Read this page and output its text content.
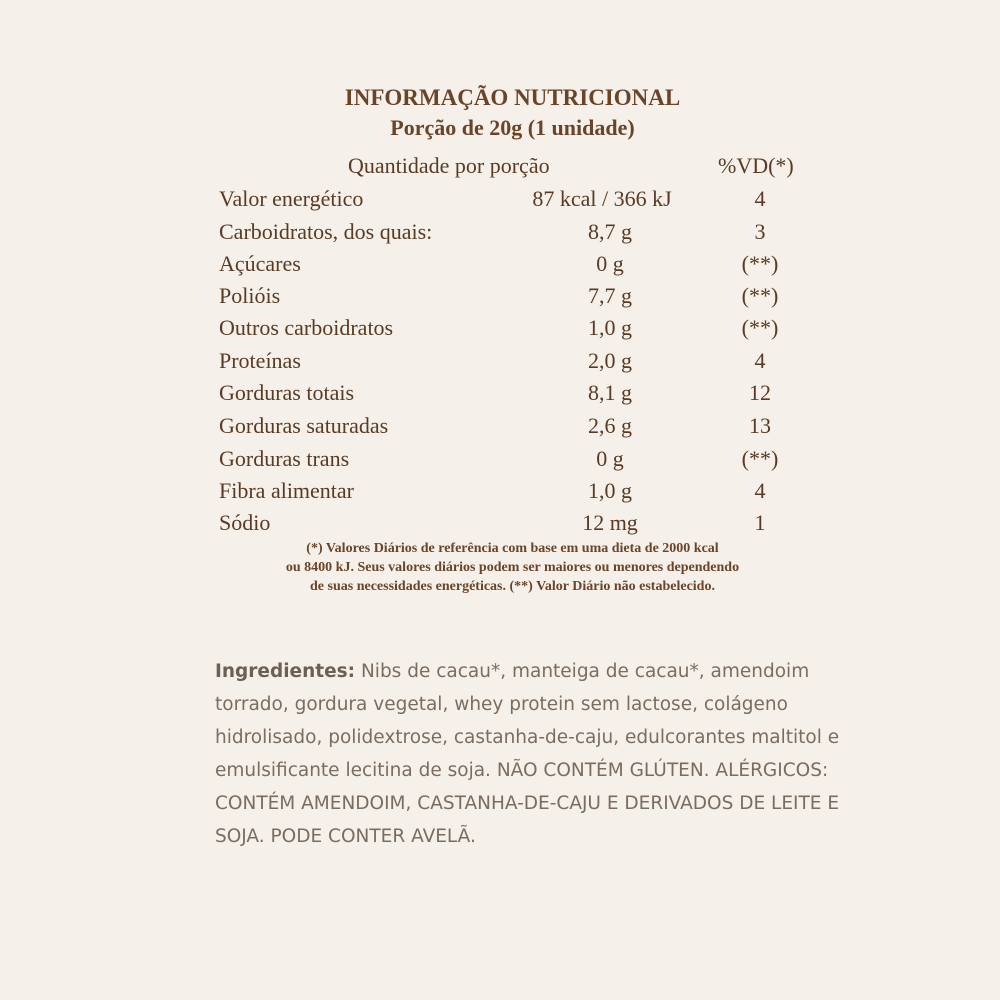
INFORMAÇÃO NUTRICIONAL
Porção de 20g (1 unidade)
Quantidade por porção	%VD(*)
Valor energético	87 kcal / 366 kJ	4
Carboidratos, dos quais:	8,7 g	3
Açúcares	0 g	(**)
Polióis	7,7 g	(**)
Outros carboidratos	1,0 g	(**)
Proteínas	2,0 g	4
Gorduras totais	8,1 g	12
Gorduras saturadas	2,6 g	13
Gorduras trans	0 g	(**)
Fibra alimentar	1,0 g	4
Sódio	12 mg	1
(*) Valores Diários de referência com base em uma dieta de 2000 kcal
ou 8400 kJ. Seus valores diários podem ser maiores ou menores dependendo
de suas necessidades energéticas. (**) Valor Diário não estabelecido.
Ingredientes: Nibs de cacau*, manteiga de cacau*, amendoim torrado, gordura vegetal, whey protein sem lactose, colágeno hidrolisado, polidextrose, castanha-de-caju, edulcorantes maltitol e emulsificante lecitina de soja. NÃO CONTÉM GLÚTEN. ALÉRGICOS: CONTÉM AMENDOIM, CASTANHA-DE-CAJU E DERIVADOS DE LEITE E SOJA. PODE CONTER AVELÃ.
